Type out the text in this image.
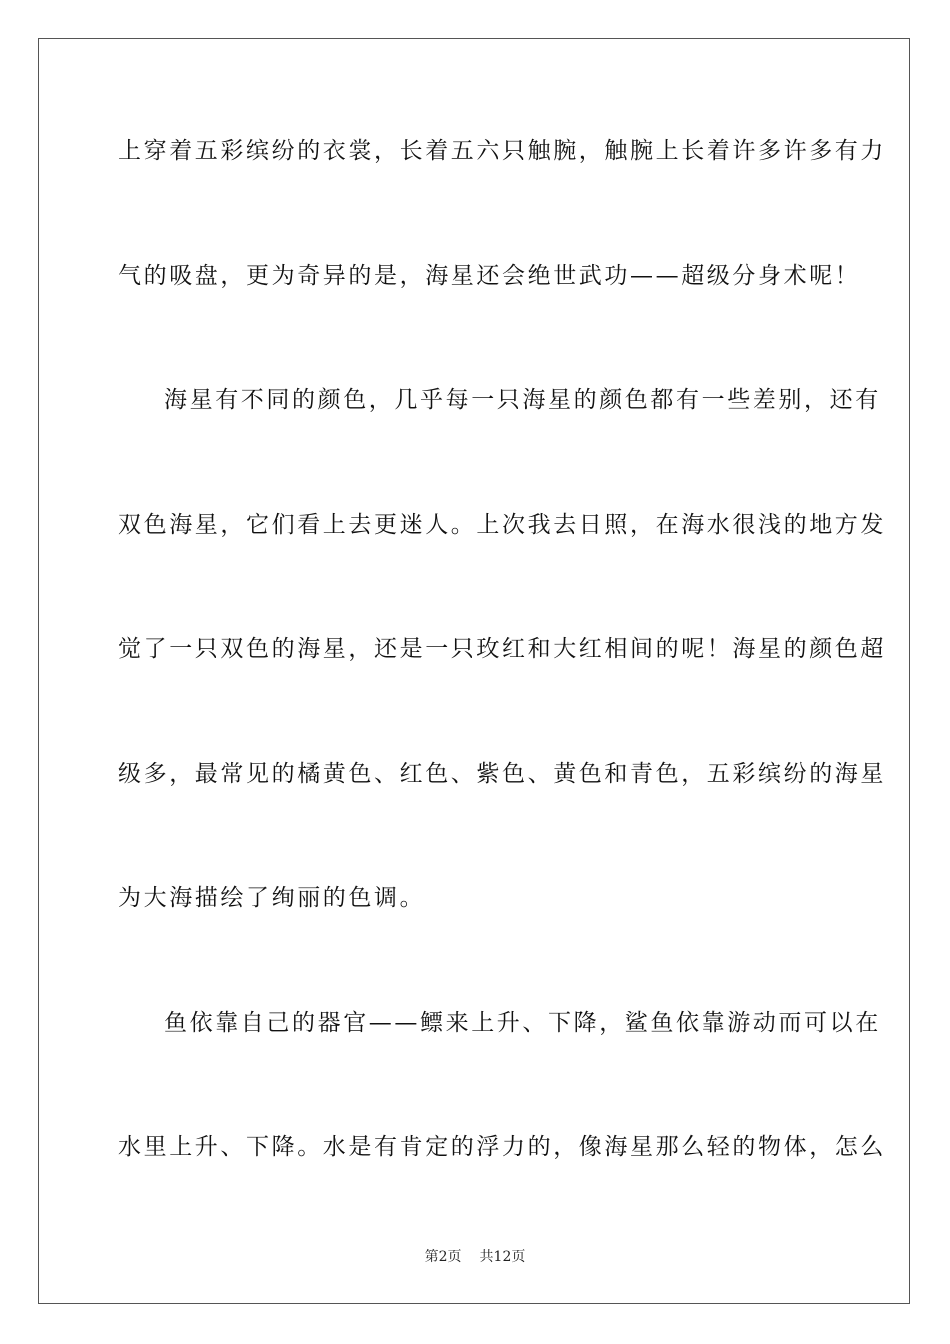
上穿着五彩缤纷的衣裳，长着五六只触腕，触腕上长着许多许多有力
气的吸盘，更为奇异的是，海星还会绝世武功——超级分身术呢！
海星有不同的颜色，几乎每一只海星的颜色都有一些差别，还有
双色海星，它们看上去更迷人。上次我去日照，在海水很浅的地方发
觉了一只双色的海星，还是一只玫红和大红相间的呢！海星的颜色超
级多，最常见的橘黄色、红色、紫色、黄色和青色，五彩缤纷的海星
为大海描绘了绚丽的色调。
鱼依靠自己的器官——鳔来上升、下降，鲨鱼依靠游动而可以在
水里上升、下降。水是有肯定的浮力的，像海星那么轻的物体，怎么
第2页 共12页
